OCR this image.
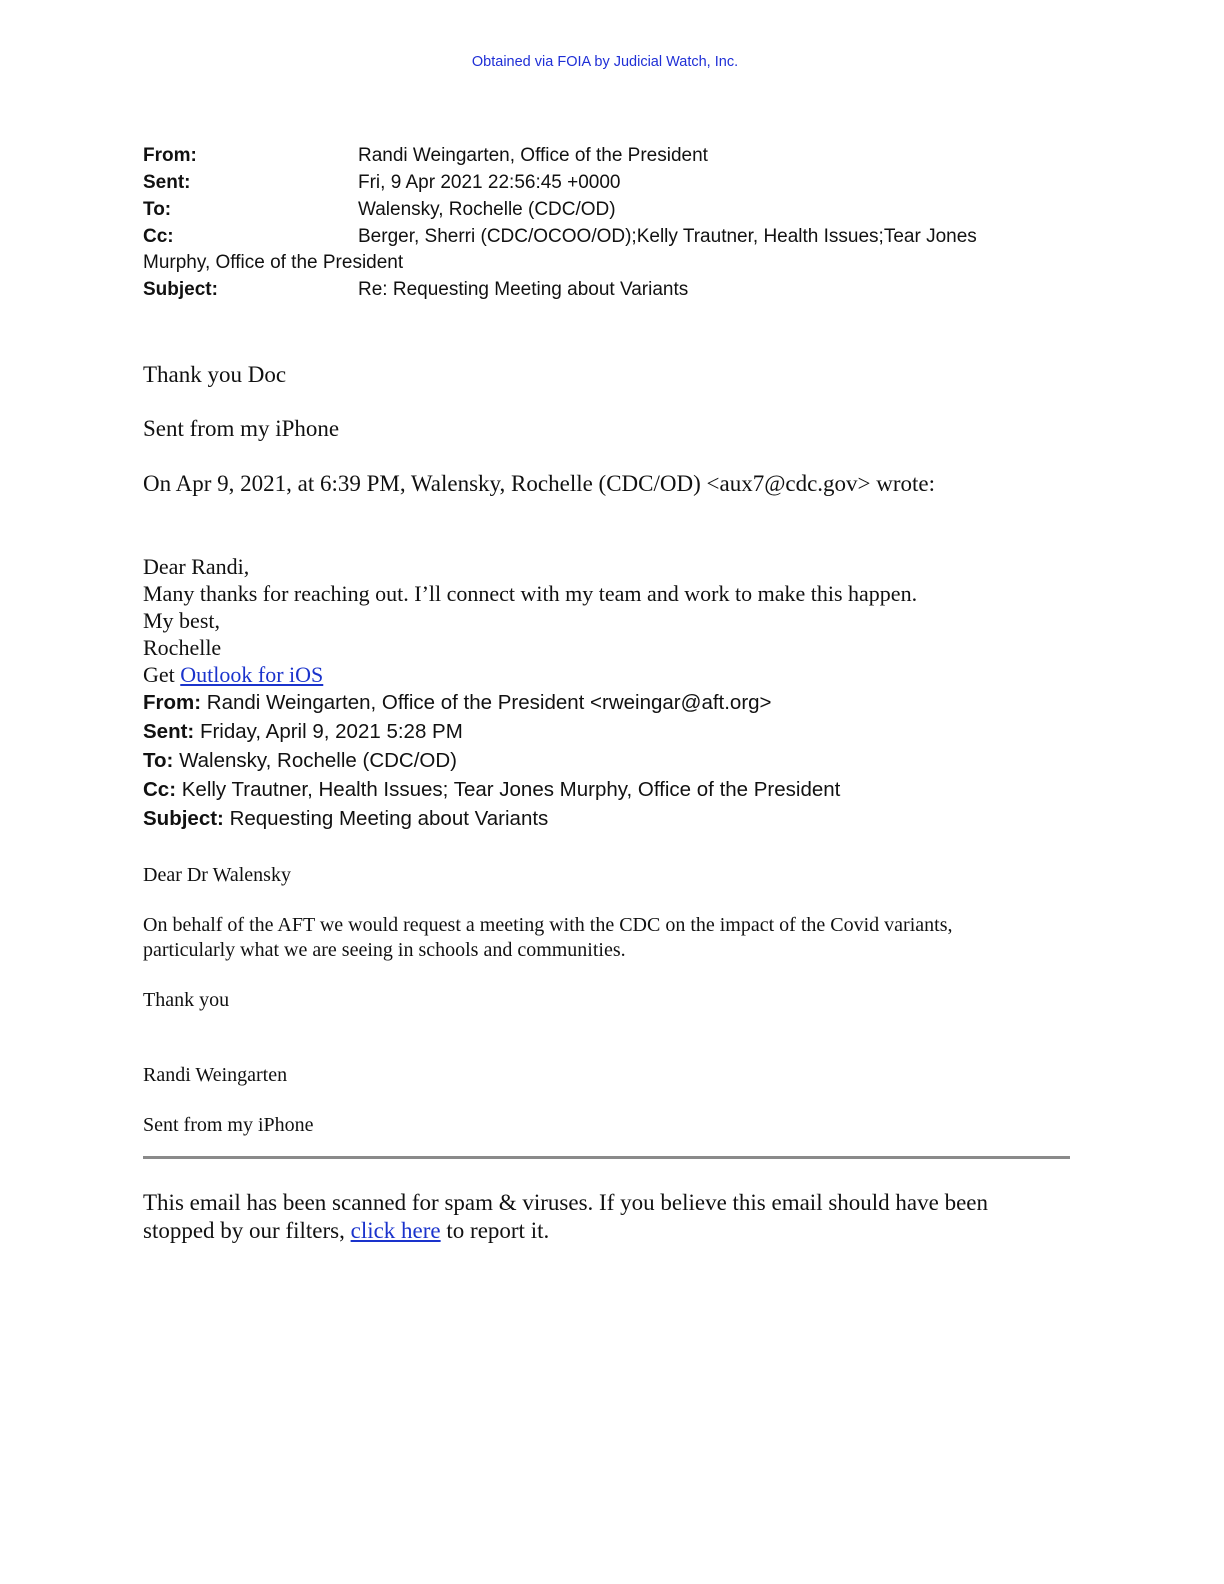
Obtained via FOIA by Judicial Watch, Inc.
From:	Randi Weingarten, Office of the President
Sent:	Fri, 9 Apr 2021 22:56:45 +0000
To:	Walensky, Rochelle (CDC/OD)
Cc:	Berger, Sherri (CDC/OCOO/OD);Kelly Trautner, Health Issues;Tear Jones
Murphy, Office of the President
Subject:	Re: Requesting Meeting about Variants
Thank you Doc
Sent from my iPhone
On Apr 9, 2021, at 6:39 PM, Walensky, Rochelle (CDC/OD) <aux7@cdc.gov> wrote:
Dear Randi,
Many thanks for reaching out. I’ll connect with my team and work to make this happen.
My best,
Rochelle
Get Outlook for iOS
From: Randi Weingarten, Office of the President <rweingar@aft.org>
Sent: Friday, April 9, 2021 5:28 PM
To: Walensky, Rochelle (CDC/OD)
Cc: Kelly Trautner, Health Issues; Tear Jones Murphy, Office of the President
Subject: Requesting Meeting about Variants
Dear Dr Walensky
On behalf of the AFT we would request a meeting with the CDC on the impact of the Covid variants,
particularly what we are seeing in schools and communities.
Thank you
Randi Weingarten
Sent from my iPhone
This email has been scanned for spam & viruses. If you believe this email should have been
stopped by our filters, click here to report it.
